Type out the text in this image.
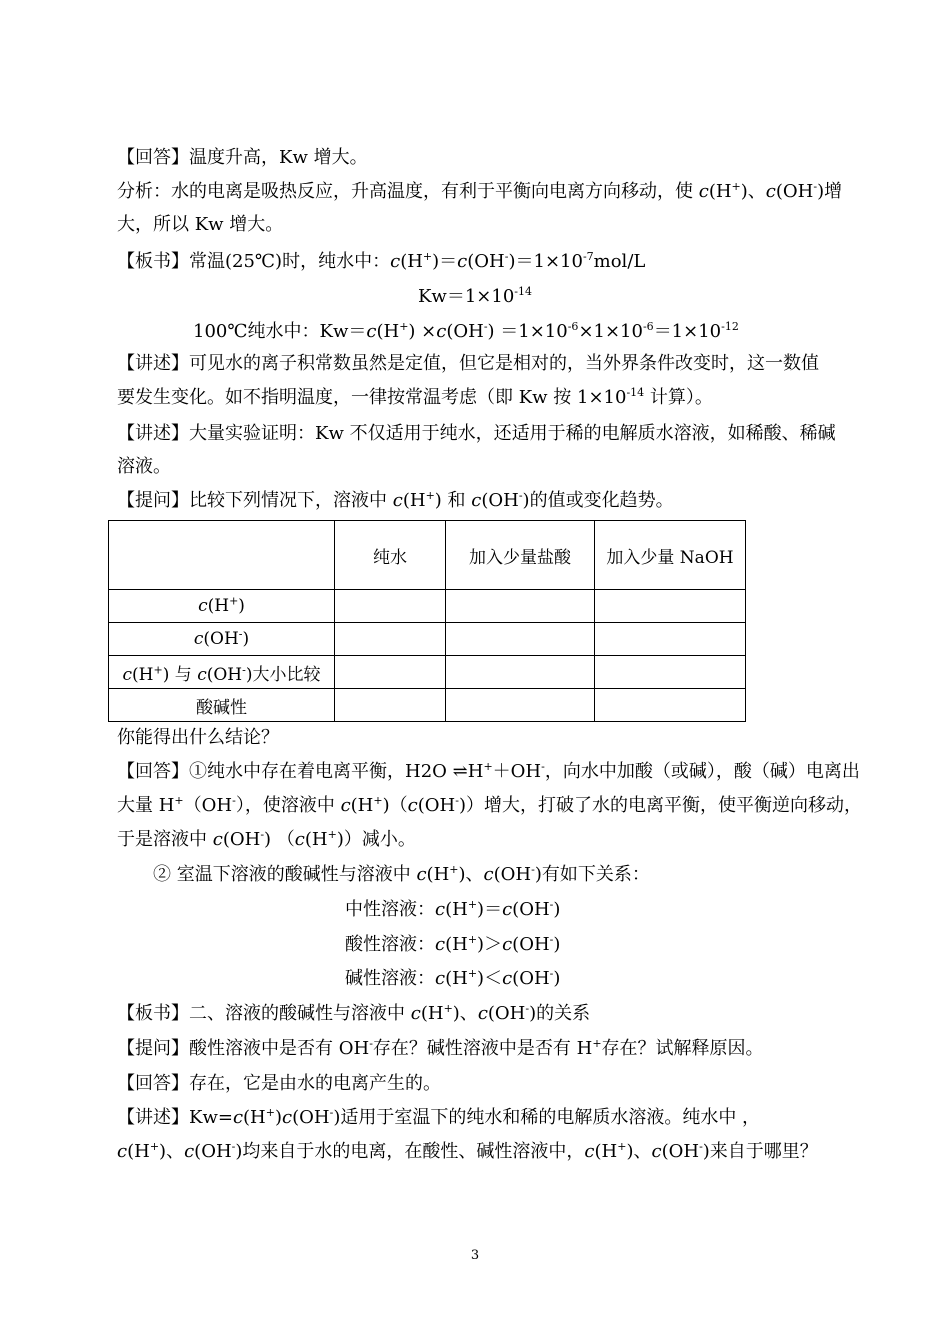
【回答】温度升高，Kw 增大。
分析：水的电离是吸热反应，升高温度，有利于平衡向电离方向移动，使 c(H+)、c(OH-)增
大，所以 Kw 增大。
【板书】常温(25℃)时，纯水中：$c(H^+)=c(OH^-)=1\times 10^{-7}mol/L$
$Kw=1\times 10^{-14}$
100℃纯水中：$Kw=c(H^+) \times c(OH^-) =1\times 10^{-6}\times 1\times 10^{-6}=1\times 10^{-12}$
【讲述】可见水的离子积常数虽然是定值，但它是相对的，当外界条件改变时，这一数值
要发生变化。如不指明温度，一律按常温考虑（即 Kw 按 $1\times 10^{-14}$ 计算）。
【讲述】大量实验证明：Kw 不仅适用于纯水，还适用于稀的电解质水溶液，如稀酸、稀碱
溶液。
【提问】比较下列情况下，溶液中 c(H+) 和 c(OH-)的值或变化趋势。
	纯水	加入少量盐酸	加入少量 NaOH
c(H+)			
c(OH-)			
c(H+) 与 c(OH-)大小比较			
酸碱性			
你能得出什么结论？
【回答】①纯水中存在着电离平衡，H2O ⇌H+＋OH-，向水中加酸（或碱），酸（碱）电离出
大量 H+（OH-），使溶液中 c(H+)（c(OH-)）增大，打破了水的电离平衡，使平衡逆向移动，
于是溶液中 c(OH-) （c(H+)）减小。
② 室温下溶液的酸碱性与溶液中 c(H+)、c(OH-)有如下关系：
中性溶液：c(H+)＝c(OH-)
酸性溶液：c(H+)＞c(OH-)
碱性溶液：c(H+)＜c(OH-)
【板书】二、溶液的酸碱性与溶液中 c(H+)、c(OH-)的关系
【提问】酸性溶液中是否有 OH-存在？碱性溶液中是否有 H+存在？试解释原因。
【回答】存在，它是由水的电离产生的。
【讲述】Kw=c(H+)c(OH-)适用于室温下的纯水和稀的电解质水溶液。纯水中 ，
c(H+)、c(OH-)均来自于水的电离，在酸性、碱性溶液中，c(H+)、c(OH-)来自于哪里？
3
